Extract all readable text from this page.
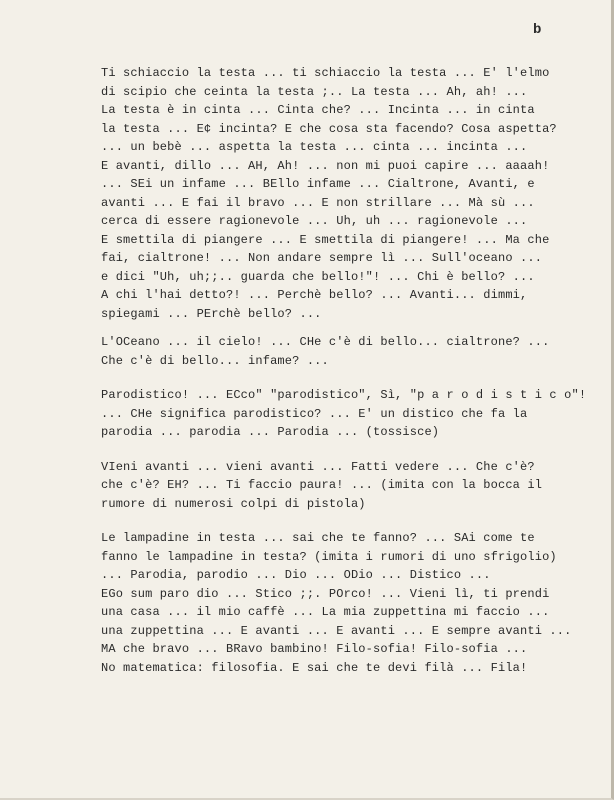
b
Ti schiaccio la testa ... ti schiaccio la testa ... E' l'elmo
di scipio che ceinta la testa ;.. La testa ... Ah, ah! ...
La testa è in cinta ... Cinta che? ... Incinta ... in cinta
la testa ... E¢ incinta? E che cosa sta facendo? Cosa aspetta?
... un bebè ... aspetta la testa ... cinta ... incinta ...
E avanti, dillo ... AH, Ah! ... non mi puoi capire ... aaaah!
... SEi un infame ... BEllo infame ... Cialtrone, Avanti, e
avanti ... E fai il bravo ... E non strillare ... Mà sù ...
cerca di essere ragionevole ... Uh, uh ... ragionevole ...
E smettila di piangere ... E smettila di piangere! ... Ma che
fai, cialtrone! ... Non andare sempre lì ... Sull'oceano ...
e dici "Uh, uh;;.. guarda che bello!"! ... Chi è bello? ...
A chi l'hai detto?! ... Perchè bello? ... Avanti... dimmi,
spiegami ... PErchè bello? ...
L'OCeano ... il cielo! ... CHe c'è di bello... cialtrone? ...
Che c'è di bello... infame? ...
Parodistico! ... ECco" "parodistico", Sì, "p a r o d i s t i c o"!
... CHe significa parodistico? ... E' un distico che fa la
parodia ... parodia ... Parodia ... (tossisce)
VIeni avanti ... vieni avanti ... Fatti vedere ... Che c'è?
che c'è? EH? ... Ti faccio paura! ... (imita con la bocca il
rumore di numerosi colpi di pistola)
Le lampadine in testa ... sai che te fanno? ... SAi come te
fanno le lampadine in testa? (imita i rumori di uno sfrigolio)
... Parodia, parodio ... Dio ... ODio ... Distico ...
EGo sum paro dio ... Stico ;;. POrco! ... Vieni lì, ti prendi
una casa ... il mio caffè ... La mia zuppettina mi faccio ...
una zuppettina ... E avanti ... E avanti ... E sempre avanti ...
MA che bravo ... BRavo bambino! Filo-sofia! Filo-sofia ...
No matematica: filosofia. E sai che te devi filà ... Fila!
